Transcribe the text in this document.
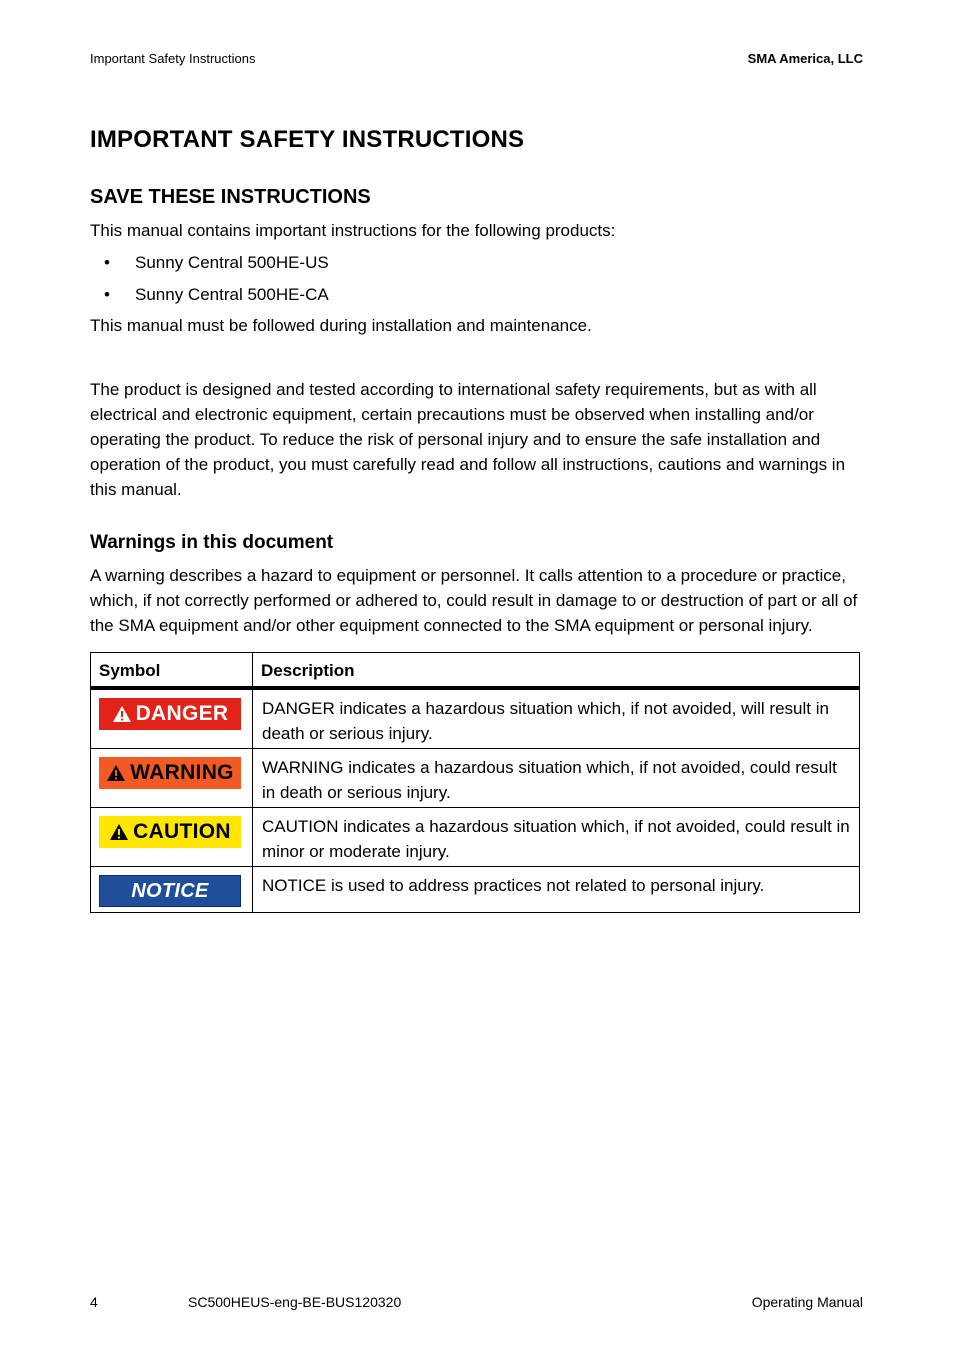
Important Safety Instructions	SMA America, LLC
IMPORTANT SAFETY INSTRUCTIONS
SAVE THESE INSTRUCTIONS

This manual contains important instructions for the following products:

• Sunny Central 500HE-US
• Sunny Central 500HE-CA

This manual must be followed during installation and maintenance.

The product is designed and tested according to international safety requirements, but as with all electrical and electronic equipment, certain precautions must be observed when installing and/or operating the product. To reduce the risk of personal injury and to ensure the safe installation and operation of the product, you must carefully read and follow all instructions, cautions and warnings in this manual.

Warnings in this document

A warning describes a hazard to equipment or personnel. It calls attention to a procedure or practice, which, if not correctly performed or adhered to, could result in damage to or destruction of part or all of the SMA equipment and/or other equipment connected to the SMA equipment or personal injury.

Symbol	Description

DANGER	DANGER indicates a hazardous situation which, if not avoided, will result in death or serious injury.

WARNING	WARNING indicates a hazardous situation which, if not avoided, could result in death or serious injury.

CAUTION	CAUTION indicates a hazardous situation which, if not avoided, could result in minor or moderate injury.

NOTICE	NOTICE is used to address practices not related to personal injury.
4	SC500HEUS-eng-BE-BUS120320	Operating Manual
